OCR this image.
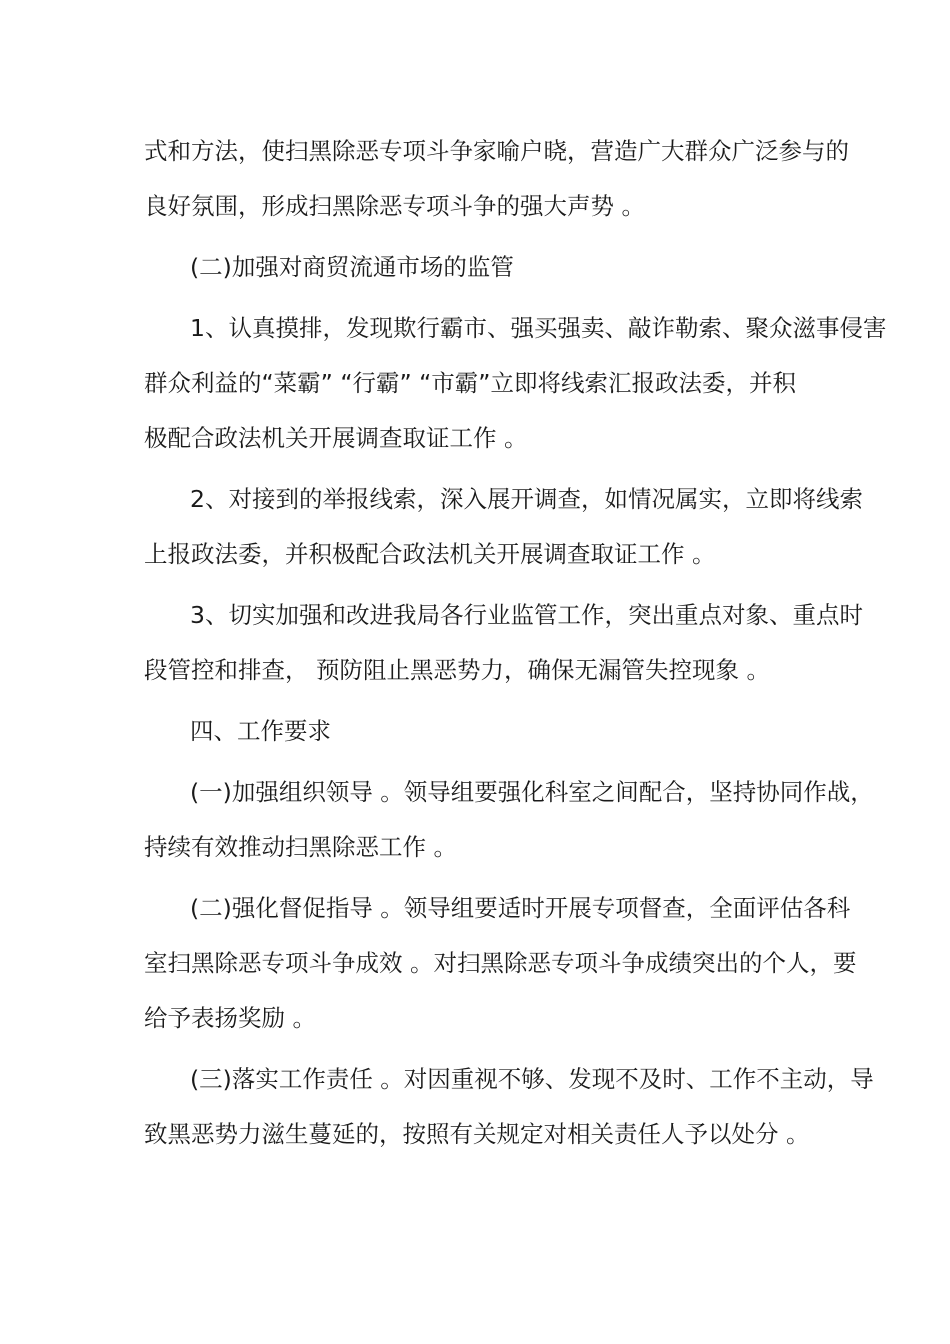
式和方法，使扫黑除恶专项斗争家喻户晓，营造广大群众广泛参与的
良好氛围，形成扫黑除恶专项斗争的强大声势 。
(二)加强对商贸流通市场的监管
1、认真摸排，发现欺行霸市、强买强卖、敲诈勒索、聚众滋事侵害
群众利益的“菜霸” “行霸” “市霸”立即将线索汇报政法委，并积
极配合政法机关开展调查取证工作 。
2、对接到的举报线索，深入展开调查，如情况属实，立即将线索
上报政法委，并积极配合政法机关开展调查取证工作 。
3、切实加强和改进我局各行业监管工作，突出重点对象、重点时
段管控和排查， 预防阻止黑恶势力，确保无漏管失控现象 。
四、工作要求
(一)加强组织领导 。领导组要强化科室之间配合，坚持协同作战，
持续有效推动扫黑除恶工作 。
(二)强化督促指导 。领导组要适时开展专项督查，全面评估各科
室扫黑除恶专项斗争成效 。对扫黑除恶专项斗争成绩突出的个人，要
给予表扬奖励 。
(三)落实工作责任 。对因重视不够、发现不及时、工作不主动，导
致黑恶势力滋生蔓延的，按照有关规定对相关责任人予以处分 。
